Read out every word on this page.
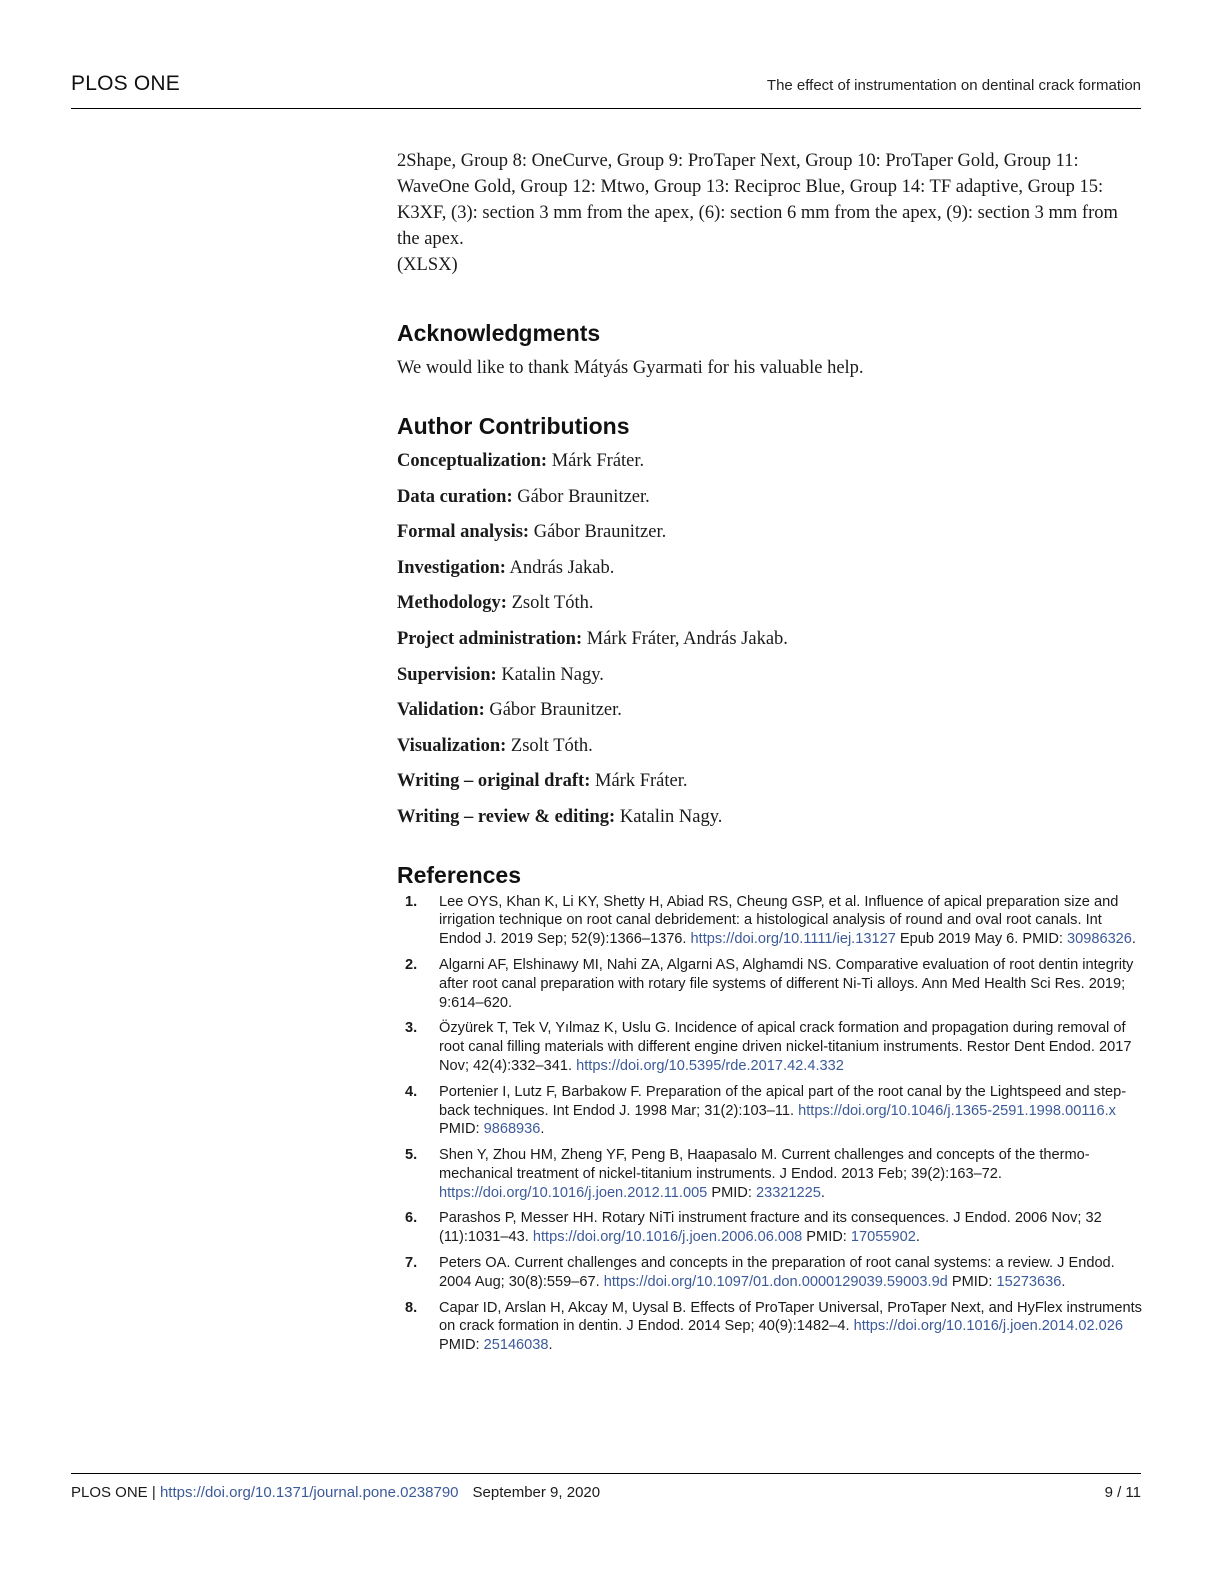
PLOS ONE	The effect of instrumentation on dentinal crack formation

2Shape, Group 8: OneCurve, Group 9: ProTaper Next, Group 10: ProTaper Gold, Group 11: WaveOne Gold, Group 12: Mtwo, Group 13: Reciproc Blue, Group 14: TF adaptive, Group 15: K3XF, (3): section 3 mm from the apex, (6): section 6 mm from the apex, (9): section 3 mm from the apex.

(XLSX)

Acknowledgments

We would like to thank Mátyás Gyarmati for his valuable help.

Author Contributions

Conceptualization: Márk Fráter.

Data curation: Gábor Braunitzer.

Formal analysis: Gábor Braunitzer.

Investigation: András Jakab.

Methodology: Zsolt Tóth.

Project administration: Márk Fráter, András Jakab.

Supervision: Katalin Nagy.

Validation: Gábor Braunitzer.

Visualization: Zsolt Tóth.

Writing – original draft: Márk Fráter.

Writing – review & editing: Katalin Nagy.

References
1. Lee OYS, Khan K, Li KY, Shetty H, Abiad RS, Cheung GSP, et al. Influence of apical preparation size and irrigation technique on root canal debridement: a histological analysis of round and oval root canals. Int Endod J. 2019 Sep; 52(9):1366–1376. https://doi.org/10.1111/iej.13127 Epub 2019 May 6. PMID: 30986326.
2. Algarni AF, Elshinawy MI, Nahi ZA, Algarni AS, Alghamdi NS. Comparative evaluation of root dentin integrity after root canal preparation with rotary file systems of different Ni-Ti alloys. Ann Med Health Sci Res. 2019; 9:614–620.
3. Özyürek T, Tek V, Yılmaz K, Uslu G. Incidence of apical crack formation and propagation during removal of root canal filling materials with different engine driven nickel-titanium instruments. Restor Dent Endod. 2017 Nov; 42(4):332–341. https://doi.org/10.5395/rde.2017.42.4.332
4. Portenier I, Lutz F, Barbakow F. Preparation of the apical part of the root canal by the Lightspeed and step-back techniques. Int Endod J. 1998 Mar; 31(2):103–11. https://doi.org/10.1046/j.1365-2591.1998.00116.x PMID: 9868936.
5. Shen Y, Zhou HM, Zheng YF, Peng B, Haapasalo M. Current challenges and concepts of the thermo-mechanical treatment of nickel-titanium instruments. J Endod. 2013 Feb; 39(2):163–72. https://doi.org/10.1016/j.joen.2012.11.005 PMID: 23321225.
6. Parashos P, Messer HH. Rotary NiTi instrument fracture and its consequences. J Endod. 2006 Nov; 32 (11):1031–43. https://doi.org/10.1016/j.joen.2006.06.008 PMID: 17055902.
7. Peters OA. Current challenges and concepts in the preparation of root canal systems: a review. J Endod. 2004 Aug; 30(8):559–67. https://doi.org/10.1097/01.don.0000129039.59003.9d PMID: 15273636.
8. Capar ID, Arslan H, Akcay M, Uysal B. Effects of ProTaper Universal, ProTaper Next, and HyFlex instruments on crack formation in dentin. J Endod. 2014 Sep; 40(9):1482–4. https://doi.org/10.1016/j.joen.2014.02.026 PMID: 25146038.
PLOS ONE | https://doi.org/10.1371/journal.pone.0238790 September 9, 2020	9 / 11
